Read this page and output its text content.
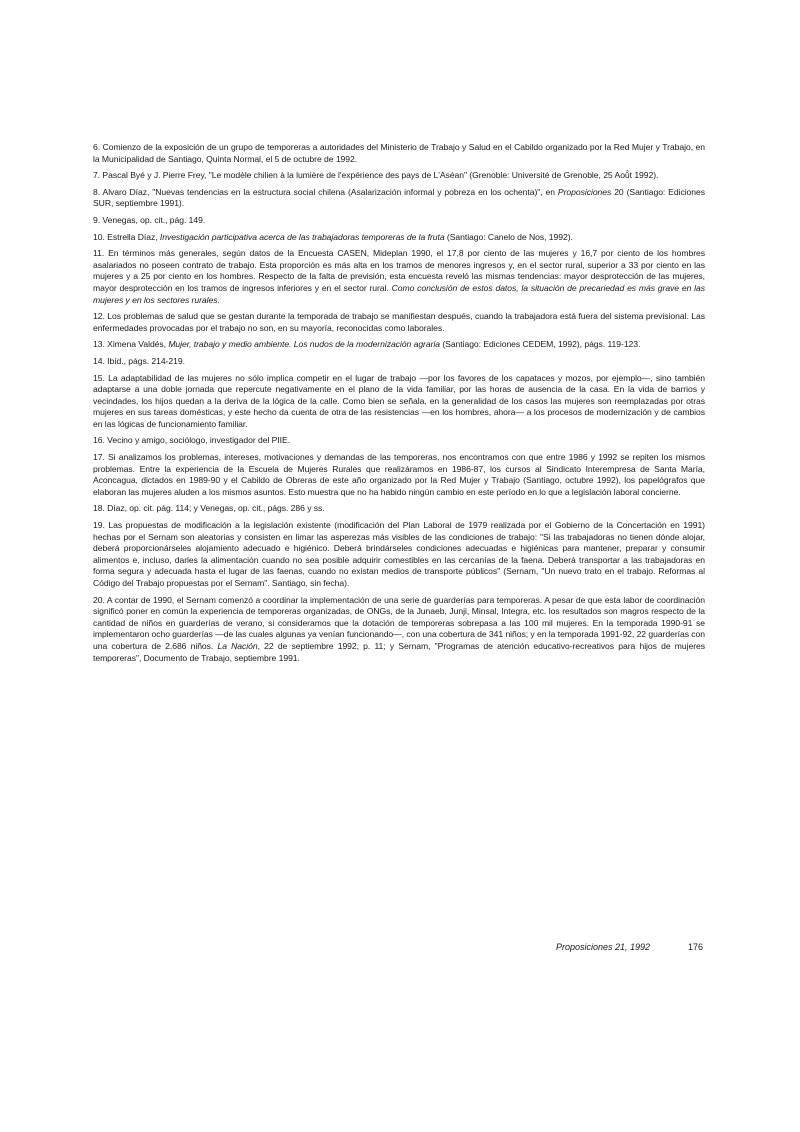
6. Comienzo de la exposición de un grupo de temporeras a autoridades del Ministerio de Trabajo y Salud en el Cabildo organizado por la Red Mujer y Trabajo, en la Municipalidad de Santiago, Quinta Normal, el 5 de octubre de 1992.

7. Pascal Byé y J. Pierre Frey, "Le modèle chilien à la lumière de l'expérience des pays de L'Aséan" (Grenoble: Université de Grenoble, 25 Aoû̂t 1992).

8. Alvaro Díaz, "Nuevas tendencias en la estructura social chilena (Asalarización informal y pobreza en los ochenta)", en Proposiciones 20 (Santiago: Ediciones SUR, septiembre 1991).

9. Venegas, op. cit., pág. 149.

10. Estrella Díaz, Investigación participativa acerca de las trabajadoras temporeras de la fruta (Santiago: Canelo de Nos, 1992).

11. En términos más generales, según datos de la Encuesta CASEN, Mideplan 1990, el 17,8 por ciento de las mujeres y 16,7 por ciento de los hombres asalariados no poseen contrato de trabajo. Esta proporción es más alta en los tramos de menores ingresos y, en el sector rural, superior a 33 por ciento en las mujeres y a 25 por ciento en los hombres. Respecto de la falta de previsión, esta encuesta reveló las mismas tendencias: mayor desprotección de las mujeres, mayor desprotección en los tramos de ingresos inferiores y en el sector rural. Como conclusión de estos datos, la situación de precariedad es más grave en las mujeres y en los sectores rurales.

12. Los problemas de salud que se gestan durante la temporada de trabajo se manifiestan después, cuando la trabajadora está fuera del sistema previsional. Las enfermedades provocadas por el trabajo no son, en su mayoría, reconocidas como laborales.

13. Ximena Valdés, Mujer, trabajo y medio ambiente. Los nudos de la modernización agraria (Santiago: Ediciones CEDEM, 1992), págs. 119-123.

14. Ibíd., págs. 214-219.

15. La adaptabilidad de las mujeres no sólo implica competir en el lugar de trabajo —por los favores de los capataces y mozos, por ejemplo—, sino también adaptarse a una doble jornada que repercute negativamente en el plano de la vida familiar, por las horas de ausencia de la casa. En la vida de barrios y vecindades, los hijos quedan a la deriva de la lógica de la calle. Como bien se señala, en la generalidad de los casos las mujeres son reemplazadas por otras mujeres en sus tareas domésticas, y este hecho da cuenta de otra de las resistencias —en los hombres, ahora— a los procesos de modernización y de cambios en las lógicas de funcionamiento familiar.

16. Vecino y amigo, sociólogo, investigador del PIIE.

17. Si analizamos los problemas, intereses, motivaciones y demandas de las temporeras, nos encontramos con que entre 1986 y 1992 se repiten los mismos problemas. Entre la experiencia de la Escuela de Mujeres Rurales que realizáramos en 1986-87, los cursos al Sindicato Interempresa de Santa María, Aconcagua, dictados en 1989-90 y el Cabildo de Obreras de este año organizado por la Red Mujer y Trabajo (Santiago, octubre 1992), los papelógrafos que elaboran las mujeres aluden a los mismos asuntos. Esto muestra que no ha habido ningún cambio en este período en lo que a legislación laboral concierne.

18. Díaz, op. cit. pág. 114; y Venegas, op. cit., págs. 286 y ss.

19. Las propuestas de modificación a la legislación existente (modificación del Plan Laboral de 1979 realizada por el Gobierno de la Concertación en 1991) hechas por el Sernam son aleatorias y consisten en limar las asperezas más visibles de las condiciones de trabajo: "Si las trabajadoras no tienen dónde alojar, deberá proporcionárseles alojamiento adecuado e higiénico. Deberá brindárseles condiciones adecuadas e higiénicas para mantener, preparar y consumir alimentos e, incluso, darles la alimentación cuando no sea posible adquirir comestibles en las cercanías de la faena. Deberá transportar a las trabajadoras en forma segura y adecuada hasta el lugar de las faenas, cuando no existan medios de transporte públicos" (Sernam, "Un nuevo trato en el trabajo. Reformas al Código del Trabajo propuestas por el Sernam". Santiago, sin fecha).

20. A contar de 1990, el Sernam comenzó a coordinar la implementación de una serie de guarderías para temporeras. A pesar de que esta labor de coordinación significó poner en común la experiencia de temporeras organizadas, de ONGs, de la Junaeb, Junji, Minsal, Integra, etc. los resultados son magros respecto de la cantidad de niños en guarderías de verano, si consideramos que la dotación de temporeras sobrepasa a las 100 mil mujeres. En la temporada 1990-91 se implementaron ocho guarderías —de las cuales algunas ya venían funcionando—, con una cobertura de 341 niños; y en la temporada 1991-92, 22 guarderías con una cobertura de 2.686 niños. La Nación, 22 de septiembre 1992, p. 11; y Sernam, "Programas de atención educativo-recreativos para hijos de mujeres temporeras", Documento de Trabajo, septiembre 1991.

Proposiciones 21, 1992	176
